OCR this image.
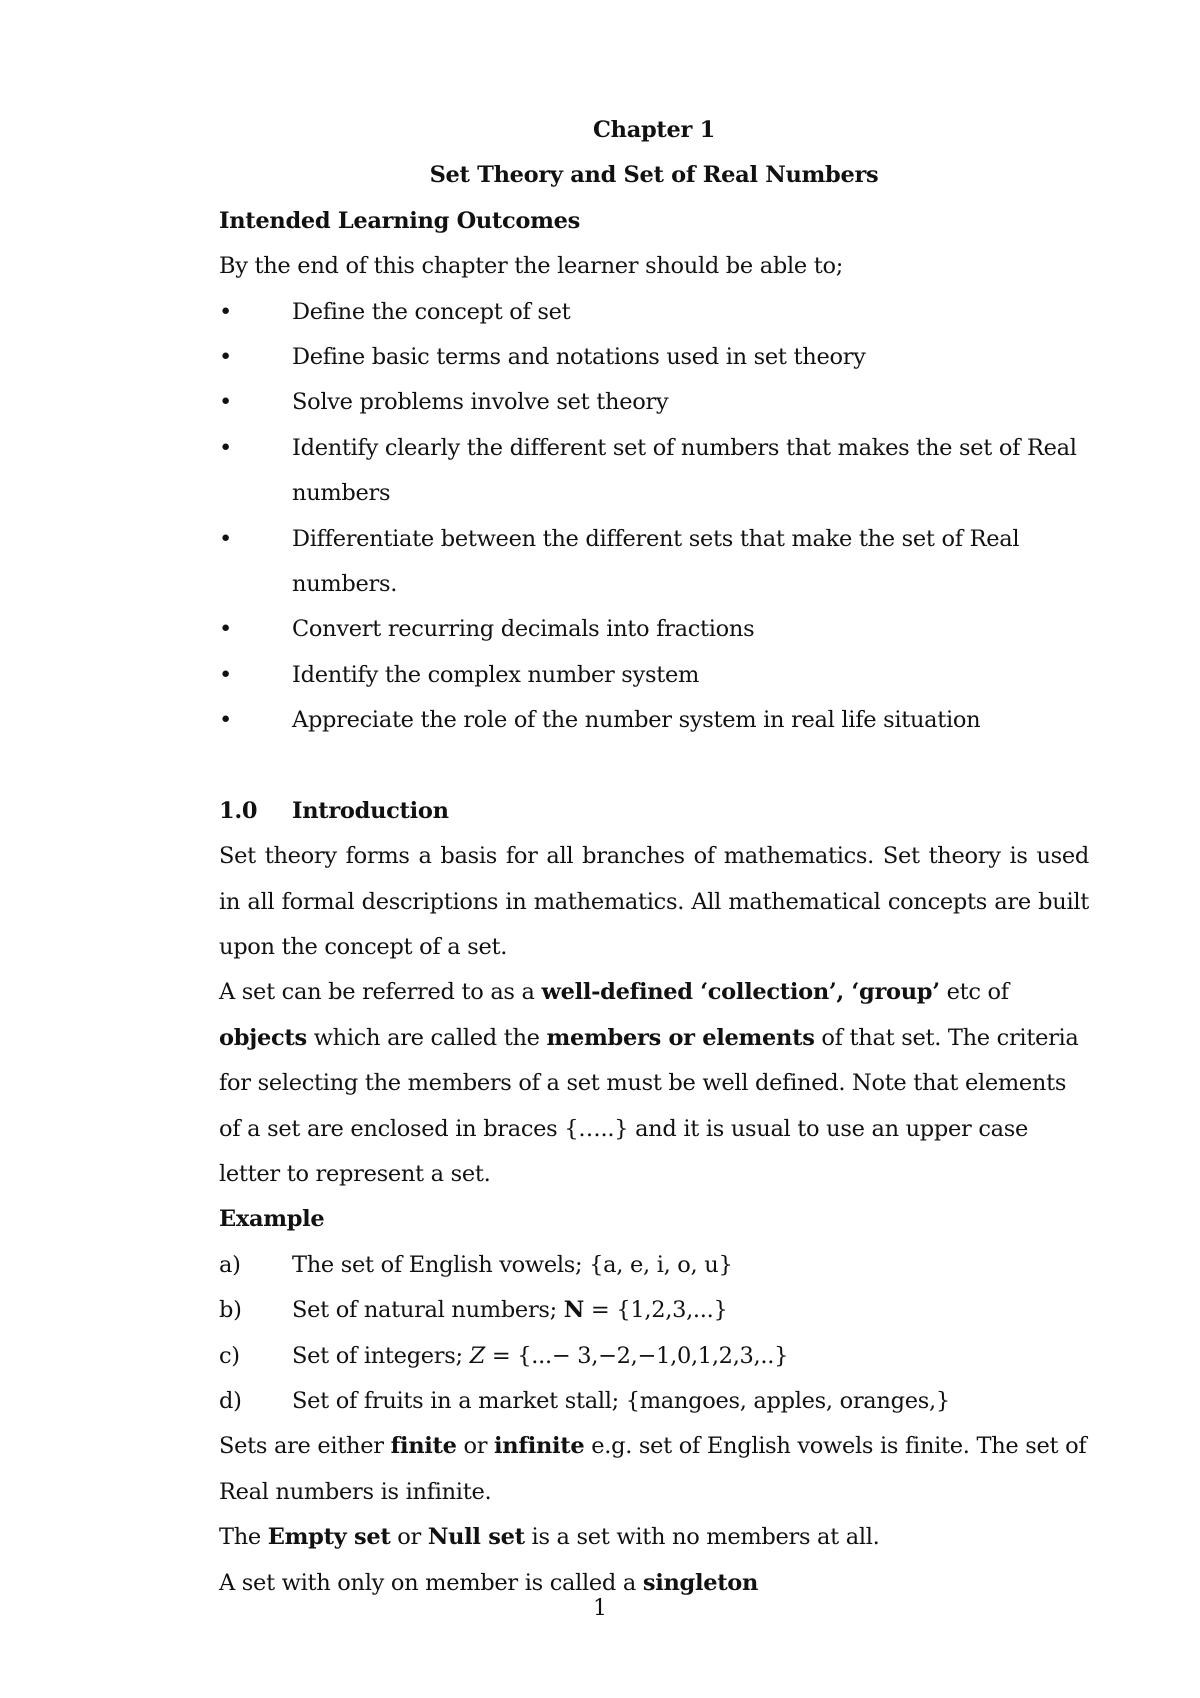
Chapter 1

Set Theory and Set of Real Numbers

Intended Learning Outcomes

By the end of this chapter the learner should be able to;

•	Define the concept of set
•	Define basic terms and notations used in set theory
•	Solve problems involve set theory
•	Identify clearly the different set of numbers that makes the set of Real numbers
•	Differentiate between the different sets that make the set of Real numbers.
•	Convert recurring decimals into fractions
•	Identify the complex number system
•	Appreciate the role of the number system in real life situation
1.0	Introduction

Set theory forms a basis for all branches of mathematics. Set theory is used in all formal descriptions in mathematics. All mathematical concepts are built upon the concept of a set.

A set can be referred to as a well-defined ‘collection’, ‘group’ etc of objects which are called the members or elements of that set. The criteria for selecting the members of a set must be well defined. Note that elements of a set are enclosed in braces {…..} and it is usual to use an upper case letter to represent a set.

Example

a)	The set of English vowels; {a, e, i, o, u}
b)	Set of natural numbers; N = {1,2,3,...}
c)	Set of integers; Z = {...− 3,−2,−1,0,1,2,3,..}
d)	Set of fruits in a market stall; {mangoes, apples, oranges,}

Sets are either finite or infinite e.g. set of English vowels is finite. The set of Real numbers is infinite.

The Empty set or Null set is a set with no members at all.

A set with only on member is called a singleton

1
